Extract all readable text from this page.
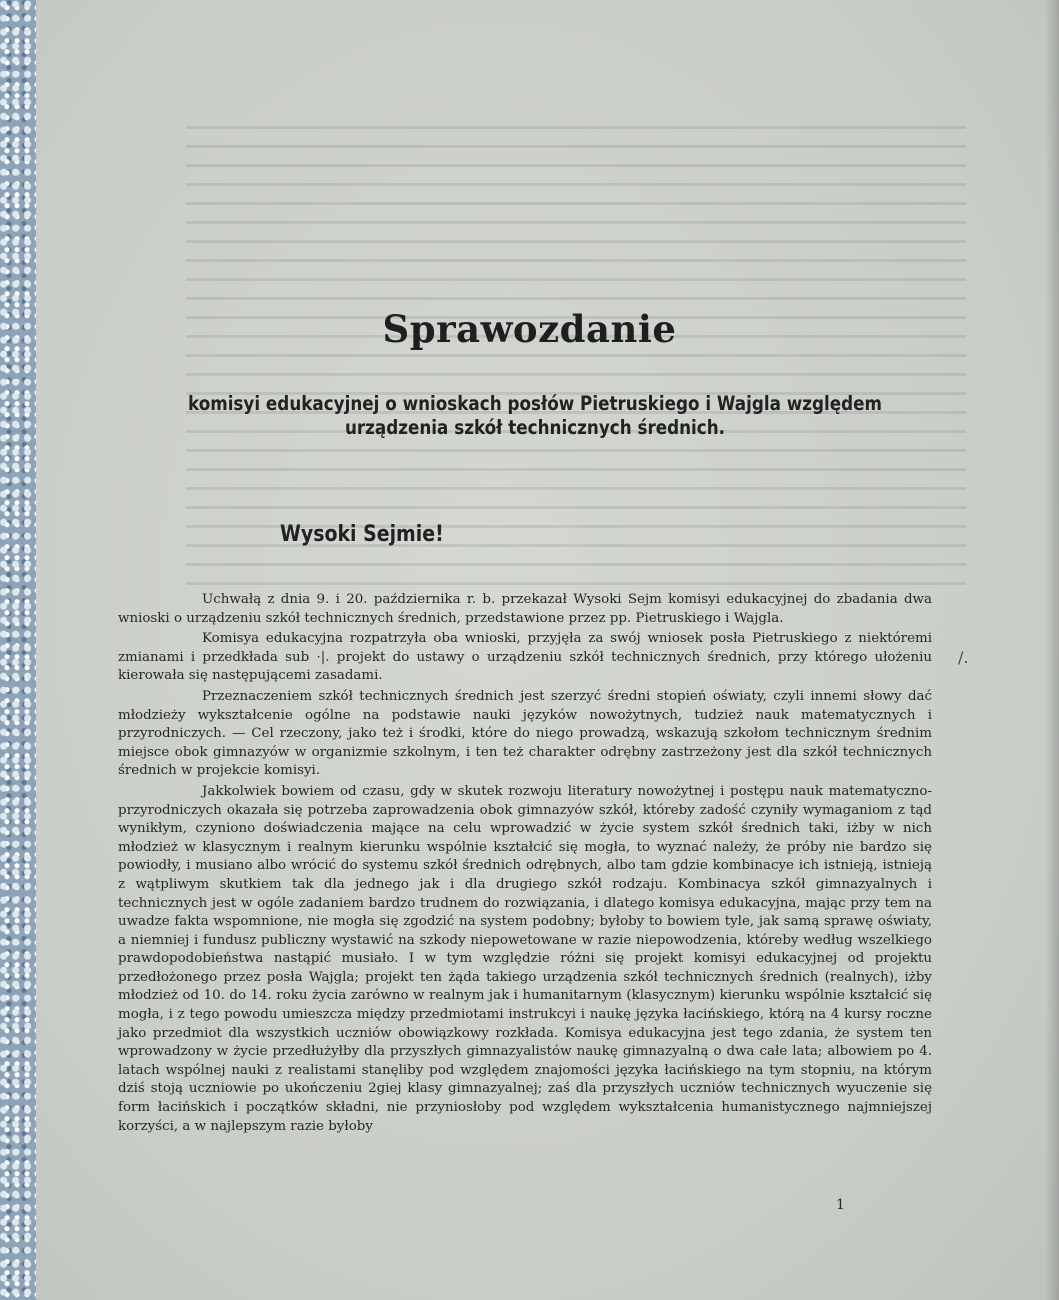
Sprawozdanie
komisyi edukacyjnej o wnioskach posłów Pietruskiego i Wajgla względem urządzenia szkół technicznych średnich.
Wysoki Sejmie!

Uchwałą z dnia 9. i 20. października r. b. przekazał Wysoki Sejm komisyi edukacyjnej do zbadania dwa wnioski o urządzeniu szkół technicznych średnich, przedstawione przez pp. Pietruskiego i Wajgla.

Komisya edukacyjna rozpatrzyła oba wnioski, przyjęła za swój wniosek posła Pietruskiego z niektóremi zmianami i przedkłada sub ·|. projekt do ustawy o urządzeniu szkół technicznych średnich, przy którego ułożeniu kierowała się następującemi zasadami.

Przeznaczeniem szkół technicznych średnich jest szerzyć średni stopień oświaty, czyli innemi słowy dać młodzieży wykształcenie ogólne na podstawie nauki języków nowożytnych, tudzież nauk matematycznych i przyrodniczych. — Cel rzeczony, jako też i środki, które do niego prowadzą, wskazują szkołom technicznym średnim miejsce obok gimnazyów w organizmie szkolnym, i ten też charakter odrębny zastrzeżony jest dla szkół technicznych średnich w projekcie komisyi.

Jakkolwiek bowiem od czasu, gdy w skutek rozwoju literatury nowożytnej i postępu nauk matematyczno-przyrodniczych okazała się potrzeba zaprowadzenia obok gimnazyów szkół, któreby zadość czyniły wymaganiom z tąd wynikłym, czyniono doświadczenia mające na celu wprowadzić w życie system szkół średnich taki, iżby w nich młodzież w klasycznym i realnym kierunku wspólnie kształcić się mogła, to wyznać należy, że próby nie bardzo się powiodły, i musiano albo wrócić do systemu szkół średnich odrębnych, albo tam gdzie kombinacye ich istnieją, istnieją z wątpliwym skutkiem tak dla jednego jak i dla drugiego szkół rodzaju. Kombinacya szkół gimnazyalnych i technicznych jest w ogóle zadaniem bardzo trudnem do rozwiązania, i dlatego komisya edukacyjna, mając przy tem na uwadze fakta wspomnione, nie mogła się zgodzić na system podobny; byłoby to bowiem tyle, jak samą sprawę oświaty, a niemniej i fundusz publiczny wystawić na szkody niepowetowane w razie niepowodzenia, któreby według wszelkiego prawdopodobieństwa nastąpić musiało. I w tym względzie różni się projekt komisyi edukacyjnej od projektu przedłożonego przez posła Wajgla; projekt ten żąda takiego urządzenia szkół technicznych średnich (realnych), iżby młodzież od 10. do 14. roku życia zarówno w realnym jak i humanitarnym (klasycznym) kierunku wspólnie kształcić się mogła, i z tego powodu umieszcza między przedmiotami instrukcyi i naukę języka łacińskiego, którą na 4 kursy roczne jako przedmiot dla wszystkich uczniów obowiązkowy rozkłada. Komisya edukacyjna jest tego zdania, że system ten wprowadzony w życie przedłużyłby dla przyszłych gimnazyalistów naukę gimnazyalną o dwa całe lata; albowiem po 4. latach wspólnej nauki z realistami stanęliby pod względem znajomości języka łacińskiego na tym stopniu, na którym dziś stoją uczniowie po ukończeniu 2giej klasy gimnazyalnej; zaś dla przyszłych uczniów technicznych wyuczenie się form łacińskich i początków składni, nie przyniosłoby pod względem wykształcenia humanistycznego najmniejszej korzyści, a w najlepszym razie byłoby

/.
1
